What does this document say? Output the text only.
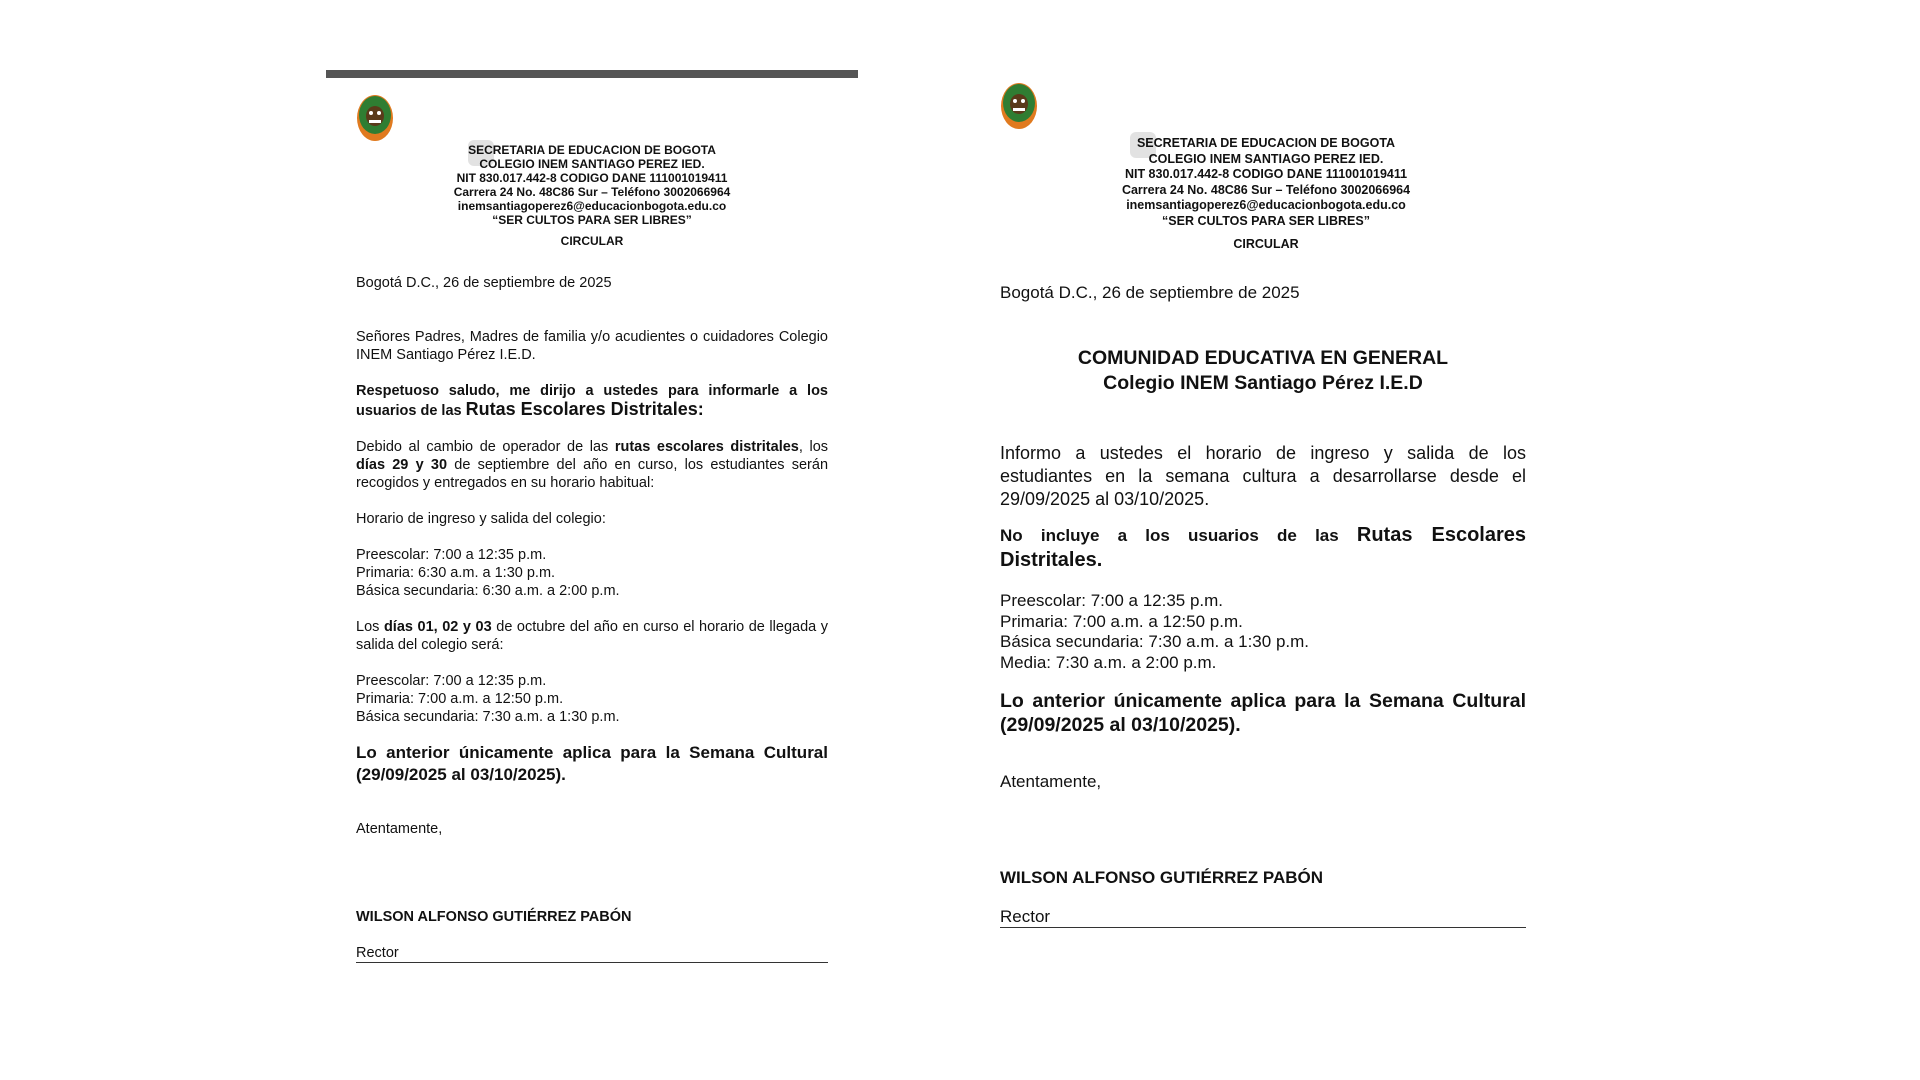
SECRETARIA DE EDUCACION DE BOGOTA
COLEGIO INEM SANTIAGO PEREZ IED.
NIT 830.017.442-8 CODIGO DANE 111001019411
Carrera 24 No. 48C86 Sur – Teléfono 3002066964
inemsantiagoperez6@educacionbogota.edu.co
“SER CULTOS PARA SER LIBRES”
CIRCULAR

Bogotá D.C., 26 de septiembre de 2025

Señores Padres, Madres de familia y/o acudientes o cuidadores Colegio INEM Santiago Pérez I.E.D.

Respetuoso saludo, me dirijo a ustedes para informarle a los usuarios de las Rutas Escolares Distritales:

Debido al cambio de operador de las rutas escolares distritales, los días 29 y 30 de septiembre del año en curso, los estudiantes serán recogidos y entregados en su horario habitual:

Horario de ingreso y salida del colegio:

Preescolar: 7:00 a 12:35 p.m.
Primaria: 6:30 a.m. a 1:30 p.m.
Básica secundaria: 6:30 a.m. a 2:00 p.m.

Los días 01, 02 y 03 de octubre del año en curso el horario de llegada y salida del colegio será:

Preescolar: 7:00 a 12:35 p.m.
Primaria: 7:00 a.m. a 12:50 p.m.
Básica secundaria: 7:30 a.m. a 1:30 p.m.

Lo anterior únicamente aplica para la Semana Cultural (29/09/2025 al 03/10/2025).

Atentamente,

WILSON ALFONSO GUTIÉRREZ PABÓN

Rector

SECRETARIA DE EDUCACION DE BOGOTA
COLEGIO INEM SANTIAGO PEREZ IED.
NIT 830.017.442-8 CODIGO DANE 111001019411
Carrera 24 No. 48C86 Sur – Teléfono 3002066964
inemsantiagoperez6@educacionbogota.edu.co
“SER CULTOS PARA SER LIBRES”
CIRCULAR

Bogotá D.C., 26 de septiembre de 2025

COMUNIDAD EDUCATIVA EN GENERAL
Colegio INEM Santiago Pérez I.E.D

Informo a ustedes el horario de ingreso y salida de los estudiantes en la semana cultura a desarrollarse desde el 29/09/2025 al 03/10/2025.

No incluye a los usuarios de las Rutas Escolares Distritales.

Preescolar: 7:00 a 12:35 p.m.
Primaria: 7:00 a.m. a 12:50 p.m.
Básica secundaria: 7:30 a.m. a 1:30 p.m.
Media: 7:30 a.m. a 2:00 p.m.

Lo anterior únicamente aplica para la Semana Cultural (29/09/2025 al 03/10/2025).

Atentamente,

WILSON ALFONSO GUTIÉRREZ PABÓN

Rector
